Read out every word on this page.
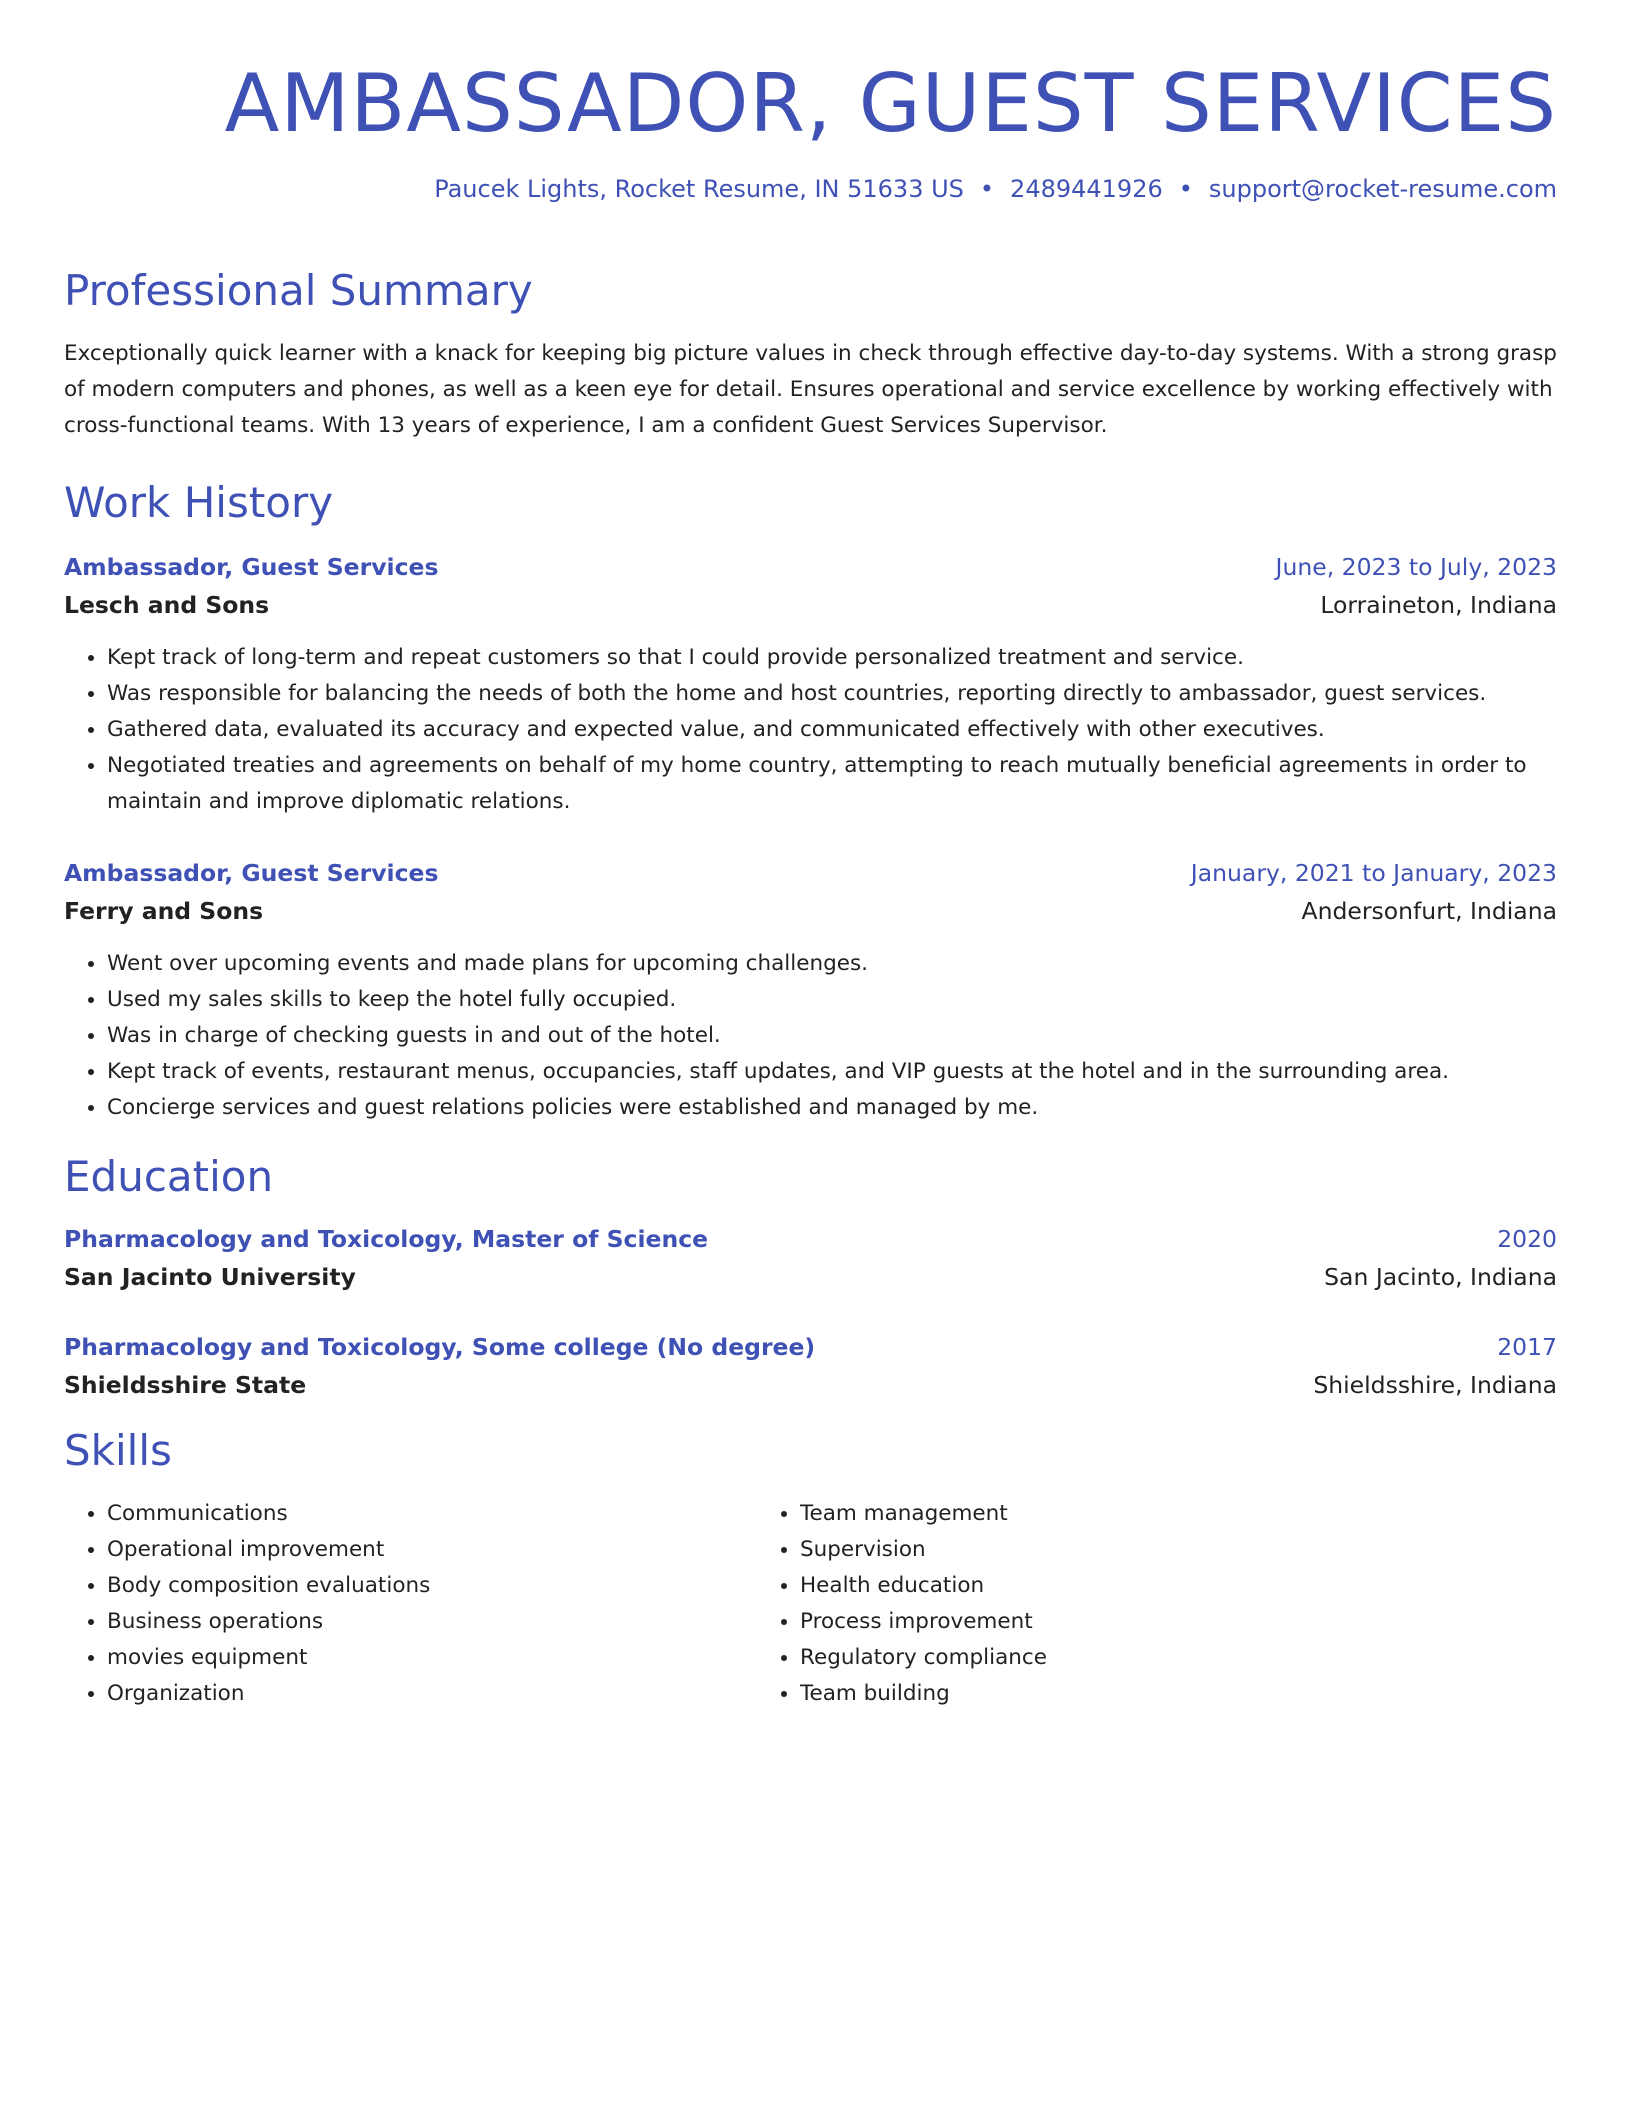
AMBASSADOR, GUEST SERVICES
Paucek Lights, Rocket Resume, IN 51633 US • 2489441926 • support@rocket-resume.com
Professional Summary
Exceptionally quick learner with a knack for keeping big picture values in check through effective day-to-day systems. With a strong grasp of modern computers and phones, as well as a keen eye for detail. Ensures operational and service excellence by working effectively with cross-functional teams. With 13 years of experience, I am a confident Guest Services Supervisor.
Work History
Ambassador, Guest Services	June, 2023 to July, 2023
Lesch and Sons	Lorraineton, Indiana
• Kept track of long-term and repeat customers so that I could provide personalized treatment and service.
• Was responsible for balancing the needs of both the home and host countries, reporting directly to ambassador, guest services.
• Gathered data, evaluated its accuracy and expected value, and communicated effectively with other executives.
• Negotiated treaties and agreements on behalf of my home country, attempting to reach mutually beneficial agreements in order to maintain and improve diplomatic relations.
Ambassador, Guest Services	January, 2021 to January, 2023
Ferry and Sons	Andersonfurt, Indiana
• Went over upcoming events and made plans for upcoming challenges.
• Used my sales skills to keep the hotel fully occupied.
• Was in charge of checking guests in and out of the hotel.
• Kept track of events, restaurant menus, occupancies, staff updates, and VIP guests at the hotel and in the surrounding area.
• Concierge services and guest relations policies were established and managed by me.
Education
Pharmacology and Toxicology, Master of Science	2020
San Jacinto University	San Jacinto, Indiana
Pharmacology and Toxicology, Some college (No degree)	2017
Shieldsshire State	Shieldsshire, Indiana
Skills
• Communications
• Operational improvement
• Body composition evaluations
• Business operations
• movies equipment
• Organization
• Team management
• Supervision
• Health education
• Process improvement
• Regulatory compliance
• Team building
